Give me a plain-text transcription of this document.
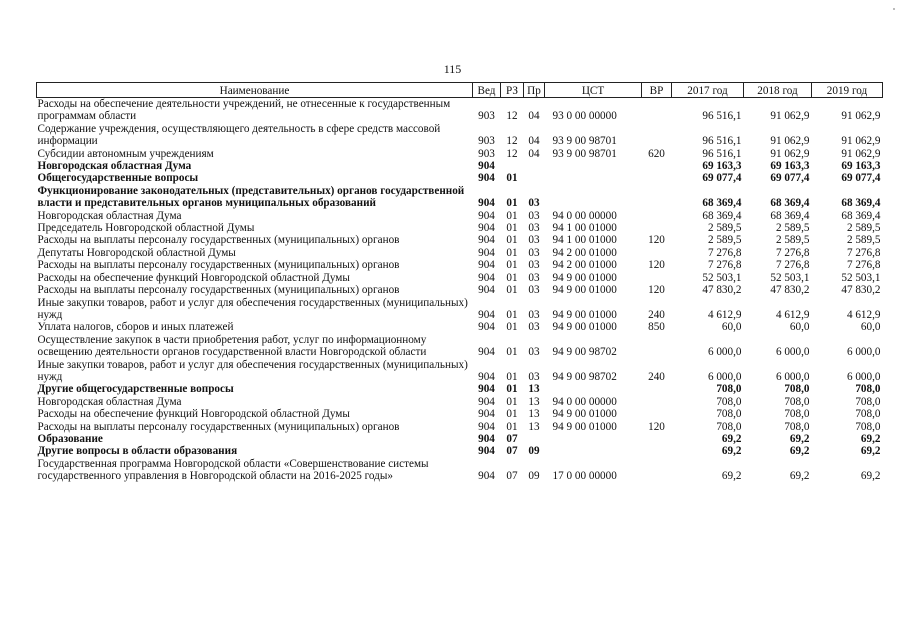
115
Наименование	Вед	РЗ	Пр	ЦСТ	ВР	2017 год	2018 год	2019 год
Расходы на обеспечение деятельности учреждений, не отнесенные к государственным программам области	903	12	04	93 0 00 00000		96 516,1	91 062,9	91 062,9
Содержание учреждения, осуществляющего деятельность в сфере средств массовой информации	903	12	04	93 9 00 98701		96 516,1	91 062,9	91 062,9
Субсидии автономным учреждениям	903	12	04	93 9 00 98701	620	96 516,1	91 062,9	91 062,9
Новгородская областная Дума	904					69 163,3	69 163,3	69 163,3
Общегосударственные вопросы	904	01				69 077,4	69 077,4	69 077,4
Функционирование законодательных (представительных) органов государственной власти и представительных органов муниципальных образований	904	01	03			68 369,4	68 369,4	68 369,4
Новгородская областная Дума	904	01	03	94 0 00 00000		68 369,4	68 369,4	68 369,4
Председатель Новгородской областной Думы	904	01	03	94 1 00 01000		2 589,5	2 589,5	2 589,5
Расходы на выплаты персоналу государственных (муниципальных) органов	904	01	03	94 1 00 01000	120	2 589,5	2 589,5	2 589,5
Депутаты Новгородской областной Думы	904	01	03	94 2 00 01000		7 276,8	7 276,8	7 276,8
Расходы на выплаты персоналу государственных (муниципальных) органов	904	01	03	94 2 00 01000	120	7 276,8	7 276,8	7 276,8
Расходы на обеспечение функций Новгородской областной Думы	904	01	03	94 9 00 01000		52 503,1	52 503,1	52 503,1
Расходы на выплаты персоналу государственных (муниципальных) органов	904	01	03	94 9 00 01000	120	47 830,2	47 830,2	47 830,2
Иные закупки товаров, работ и услуг для обеспечения государственных (муниципальных) нужд	904	01	03	94 9 00 01000	240	4 612,9	4 612,9	4 612,9
Уплата налогов, сборов и иных платежей	904	01	03	94 9 00 01000	850	60,0	60,0	60,0
Осуществление закупок в части приобретения работ, услуг по информационному освещению деятельности органов государственной власти Новгородской области	904	01	03	94 9 00 98702		6 000,0	6 000,0	6 000,0
Иные закупки товаров, работ и услуг для обеспечения государственных (муниципальных) нужд	904	01	03	94 9 00 98702	240	6 000,0	6 000,0	6 000,0
Другие общегосударственные вопросы	904	01	13			708,0	708,0	708,0
Новгородская областная Дума	904	01	13	94 0 00 00000		708,0	708,0	708,0
Расходы на обеспечение функций Новгородской областной Думы	904	01	13	94 9 00 01000		708,0	708,0	708,0
Расходы на выплаты персоналу государственных (муниципальных) органов	904	01	13	94 9 00 01000	120	708,0	708,0	708,0
Образование	904	07				69,2	69,2	69,2
Другие вопросы в области образования	904	07	09			69,2	69,2	69,2
Государственная программа Новгородской области «Совершенствование системы государственного управления в Новгородской области на 2016-2025 годы»	904	07	09	17 0 00 00000		69,2	69,2	69,2
